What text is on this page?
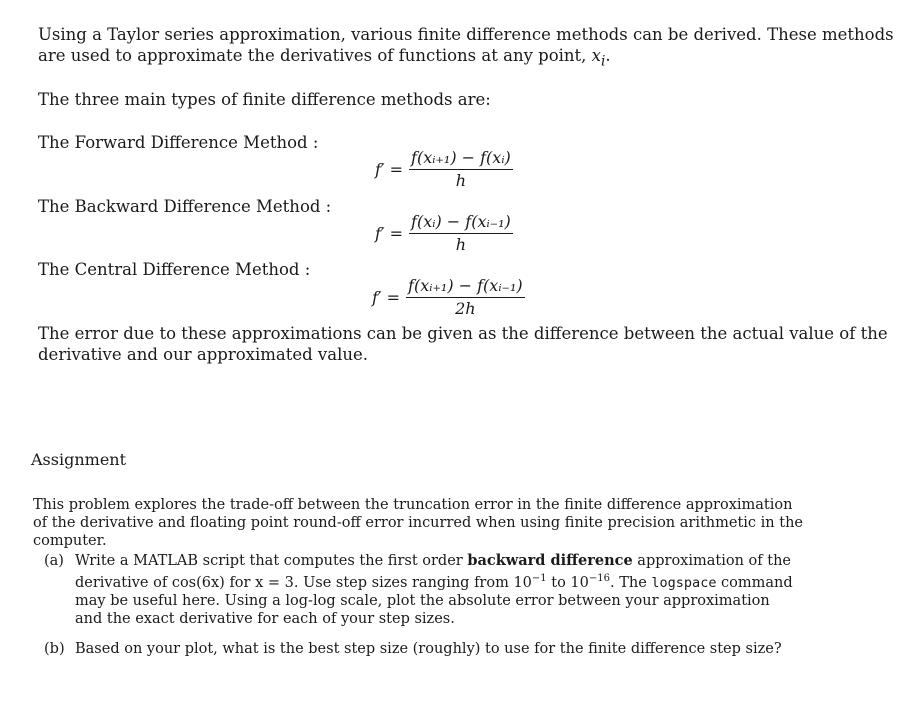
Using a Taylor series approximation, various finite difference methods can be derived. These methods are used to approximate the derivatives of functions at any point, $x_i$.
The three main types of finite difference methods are:
The Forward Difference Method :
$f' = \frac{\text{f(xᵢ₊₁) − f(xᵢ)}}{h}$
The Backward Difference Method :
$f' = \frac{\text{f(xᵢ) − f(xᵢ₋₁)}}{h}$
The Central Difference Method :
$f' = \frac{\text{f(xᵢ₊₁) − f(xᵢ₋₁)}}{2h}$
The error due to these approximations can be given as the difference between the actual value of the derivative and our approximated value.
Assignment
This problem explores the trade-off between the truncation error in the finite difference approximation of the derivative and floating point round-off error incurred when using finite precision arithmetic in the computer.
(a) Write a MATLAB script that computes the first order backward difference approximation of the derivative of cos(6x) for x = 3. Use step sizes ranging from $10^{-1}$ to $10^{-16}$. The logspace command may be useful here. Using a log-log scale, plot the absolute error between your approximation and the exact derivative for each of your step sizes.
(b) Based on your plot, what is the best step size (roughly) to use for the finite difference step size?
